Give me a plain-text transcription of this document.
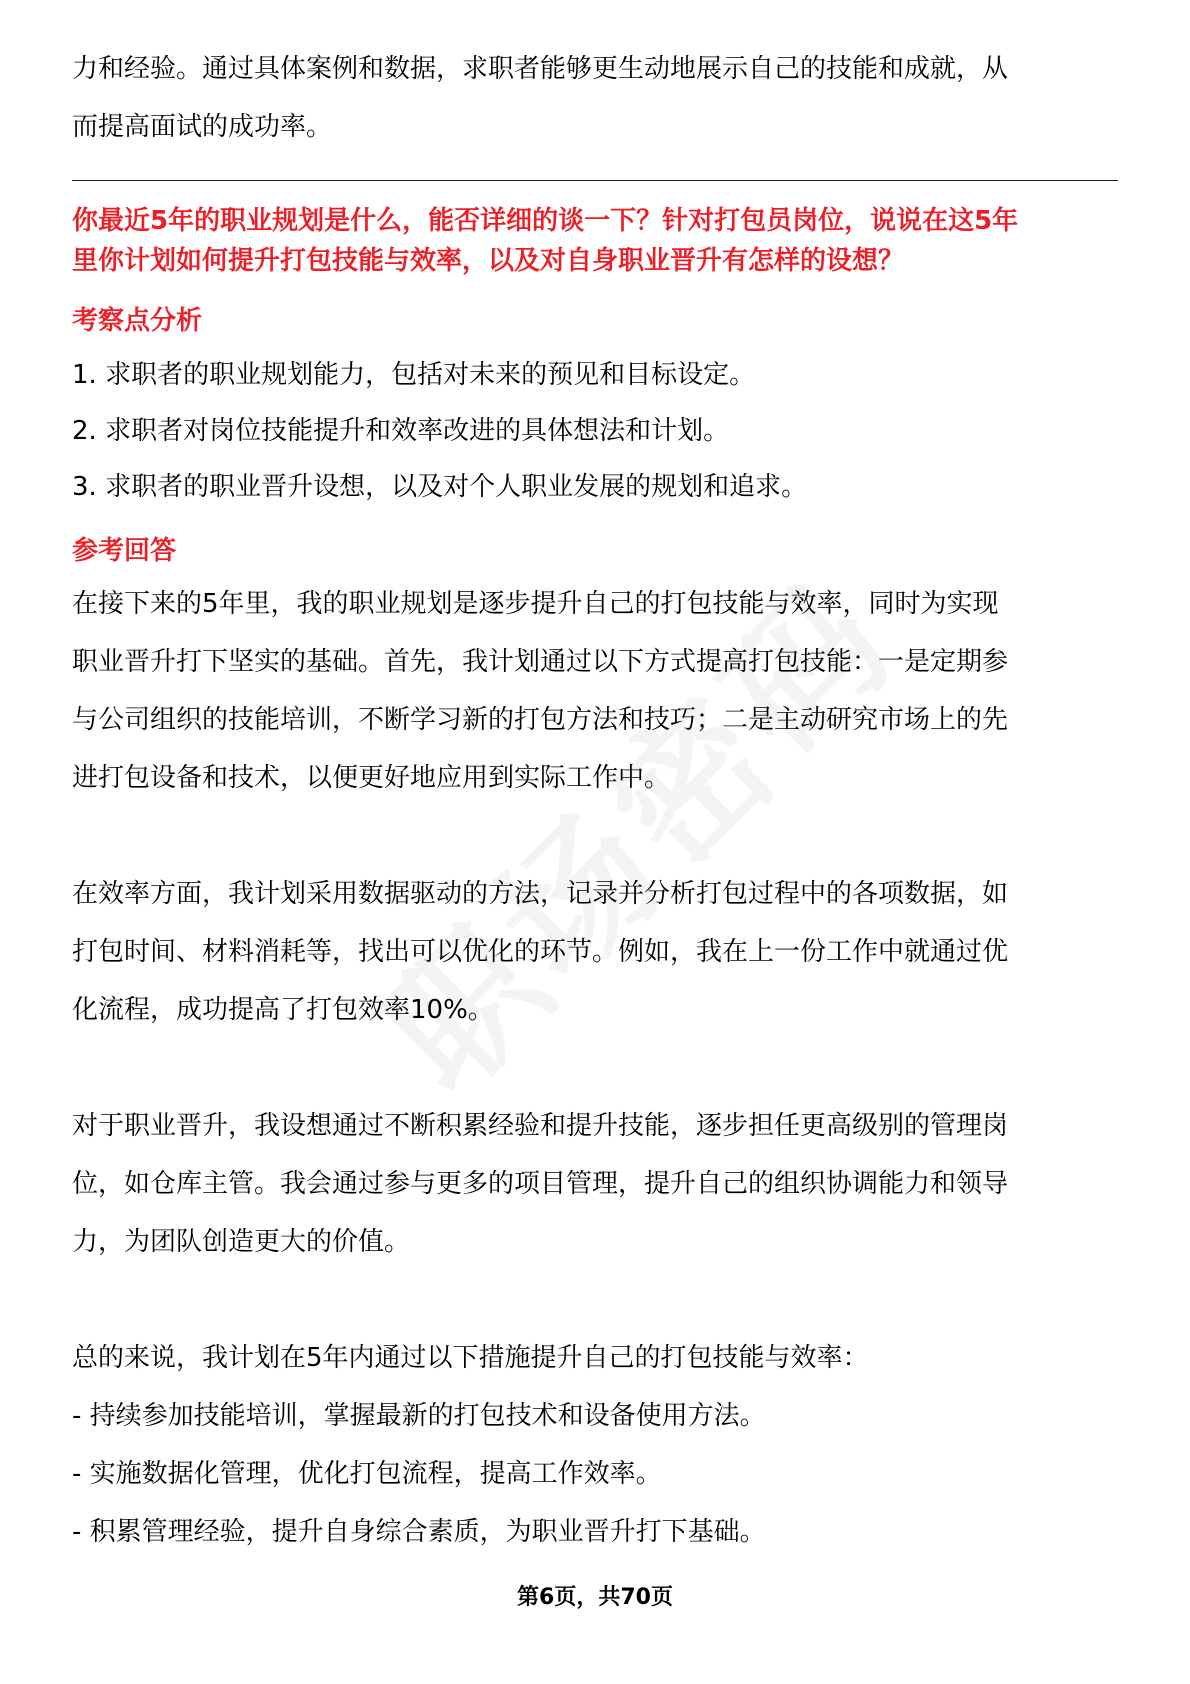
力和经验。通过具体案例和数据，求职者能够更生动地展示自己的技能和成就，从

而提高面试的成功率。

你最近5年的职业规划是什么，能否详细的谈一下？针对打包员岗位，说说在这5年

里你计划如何提升打包技能与效率，以及对自身职业晋升有怎样的设想？

考察点分析

1. 求职者的职业规划能力，包括对未来的预见和目标设定。

2. 求职者对岗位技能提升和效率改进的具体想法和计划。

3. 求职者的职业晋升设想，以及对个人职业发展的规划和追求。

参考回答

在接下来的5年里，我的职业规划是逐步提升自己的打包技能与效率，同时为实现

职业晋升打下坚实的基础。首先，我计划通过以下方式提高打包技能：一是定期参

与公司组织的技能培训，不断学习新的打包方法和技巧；二是主动研究市场上的先

进打包设备和技术，以便更好地应用到实际工作中。

在效率方面，我计划采用数据驱动的方法，记录并分析打包过程中的各项数据，如

打包时间、材料消耗等，找出可以优化的环节。例如，我在上一份工作中就通过优

化流程，成功提高了打包效率10%。

对于职业晋升，我设想通过不断积累经验和提升技能，逐步担任更高级别的管理岗

位，如仓库主管。我会通过参与更多的项目管理，提升自己的组织协调能力和领导

力，为团队创造更大的价值。

总的来说，我计划在5年内通过以下措施提升自己的打包技能与效率：

- 持续参加技能培训，掌握最新的打包技术和设备使用方法。

- 实施数据化管理，优化打包流程，提高工作效率。

- 积累管理经验，提升自身综合素质，为职业晋升打下基础。

第6页，共70页
